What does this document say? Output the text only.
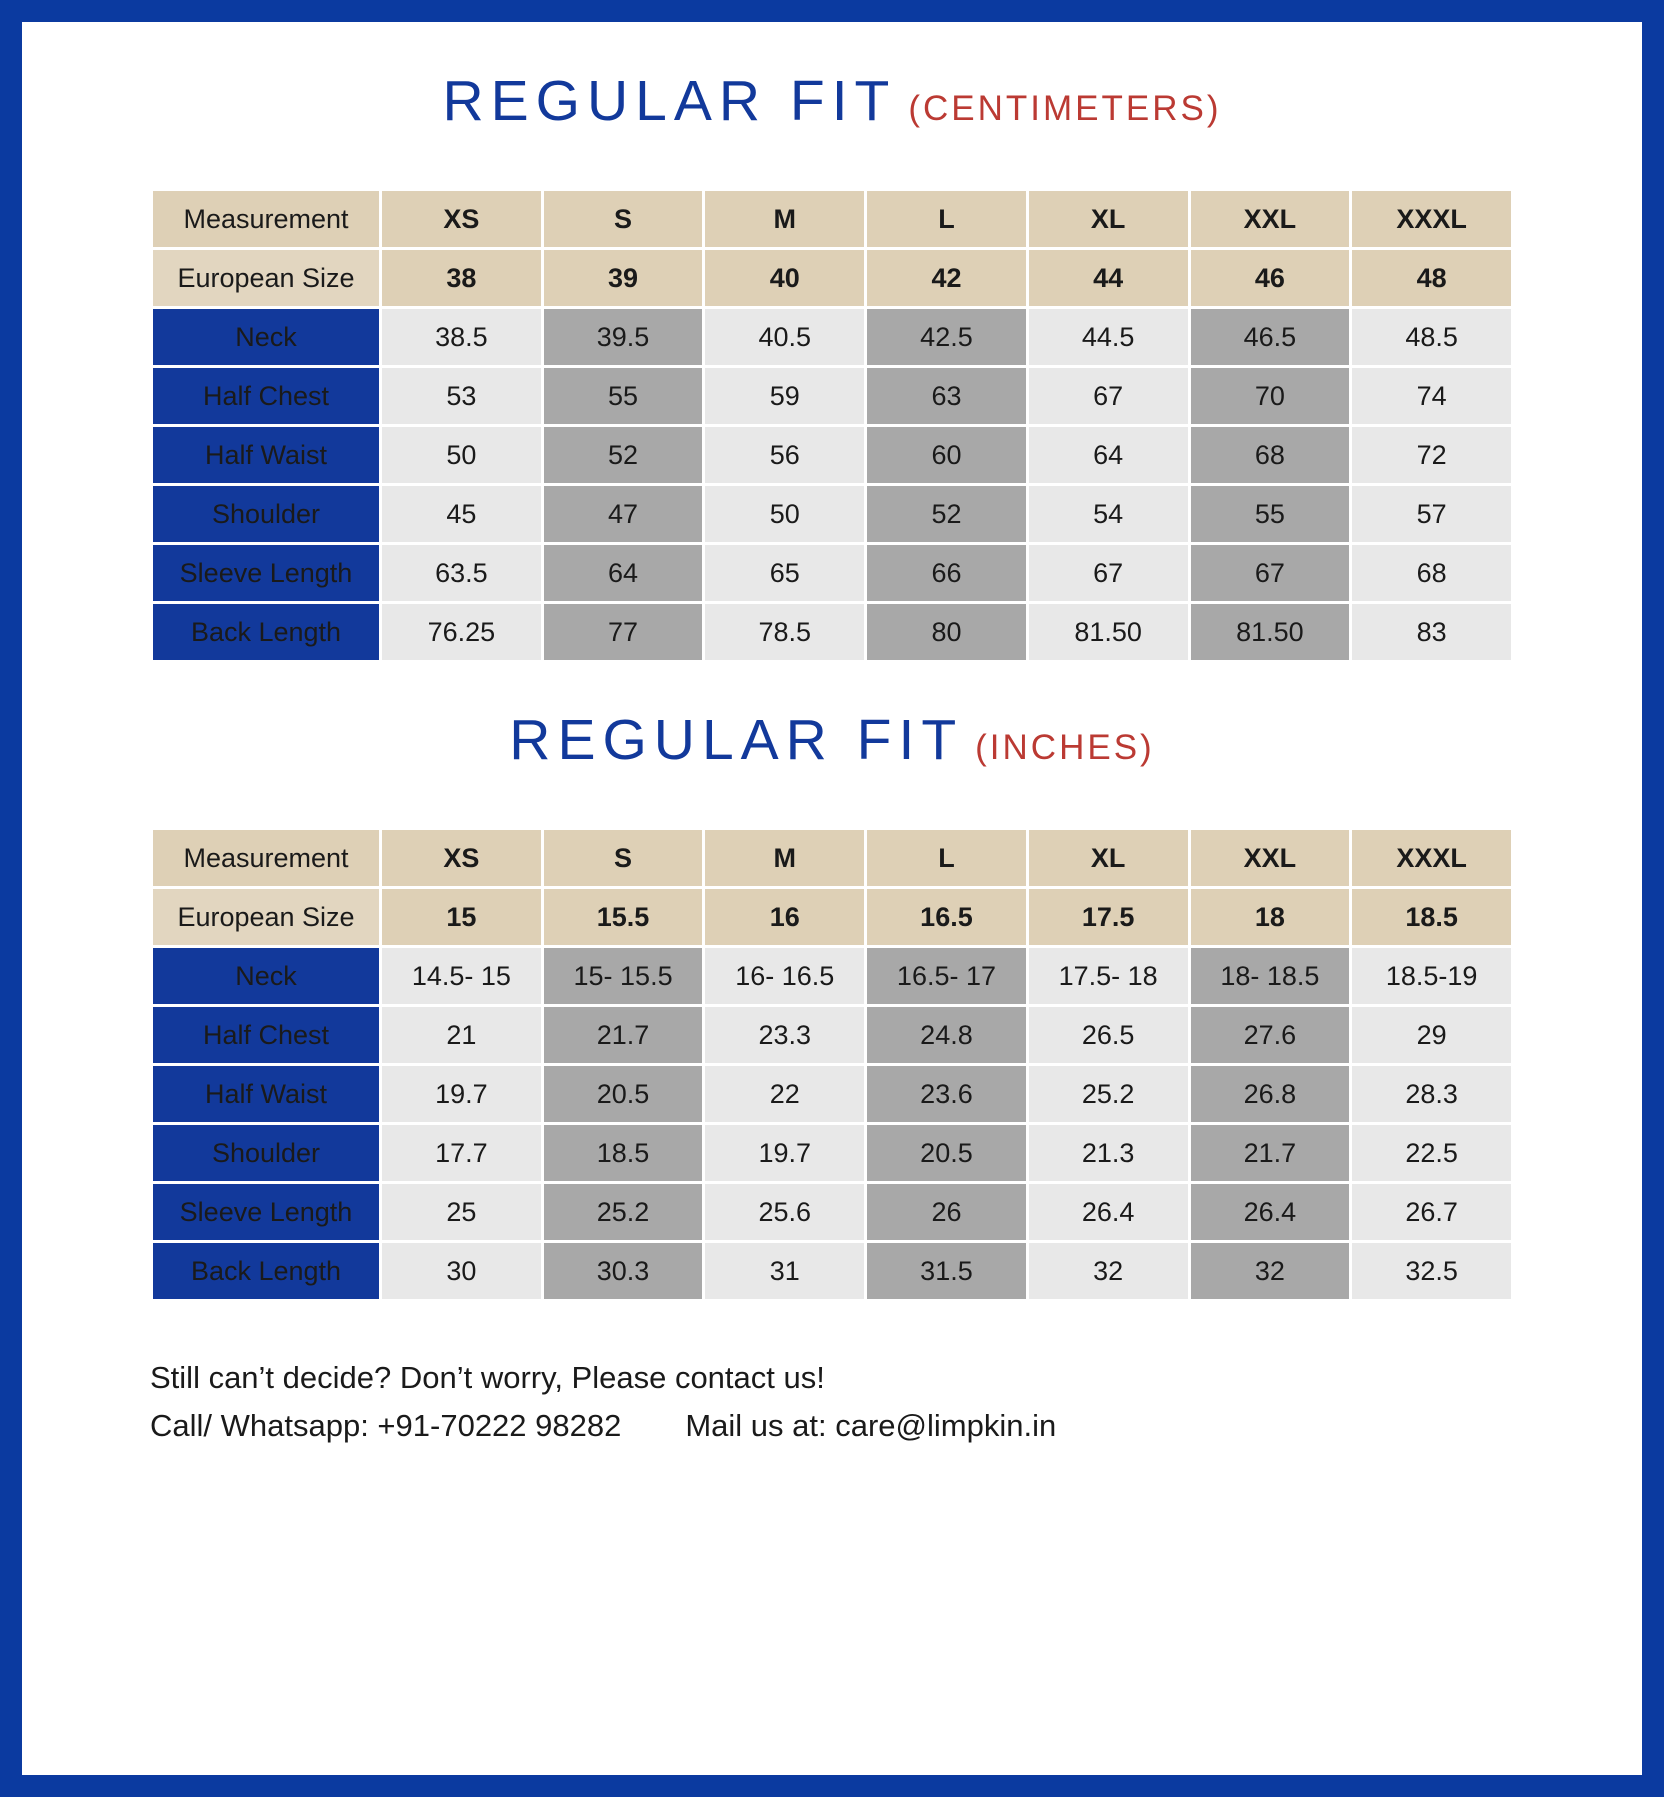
REGULAR FIT (CENTIMETERS)
Measurement	XS	S	M	L	XL	XXL	XXXL
European Size	38	39	40	42	44	46	48
Neck	38.5	39.5	40.5	42.5	44.5	46.5	48.5
Half Chest	53	55	59	63	67	70	74
Half Waist	50	52	56	60	64	68	72
Shoulder	45	47	50	52	54	55	57
Sleeve Length	63.5	64	65	66	67	67	68
Back Length	76.25	77	78.5	80	81.50	81.50	83
REGULAR FIT (INCHES)
Measurement	XS	S	M	L	XL	XXL	XXXL
European Size	15	15.5	16	16.5	17.5	18	18.5
Neck	14.5- 15	15- 15.5	16- 16.5	16.5- 17	17.5- 18	18- 18.5	18.5-19
Half Chest	21	21.7	23.3	24.8	26.5	27.6	29
Half Waist	19.7	20.5	22	23.6	25.2	26.8	28.3
Shoulder	17.7	18.5	19.7	20.5	21.3	21.7	22.5
Sleeve Length	25	25.2	25.6	26	26.4	26.4	26.7
Back Length	30	30.3	31	31.5	32	32	32.5
Still can’t decide? Don’t worry, Please contact us!
Call/ Whatsapp: +91-70222 98282 Mail us at: care@limpkin.in
